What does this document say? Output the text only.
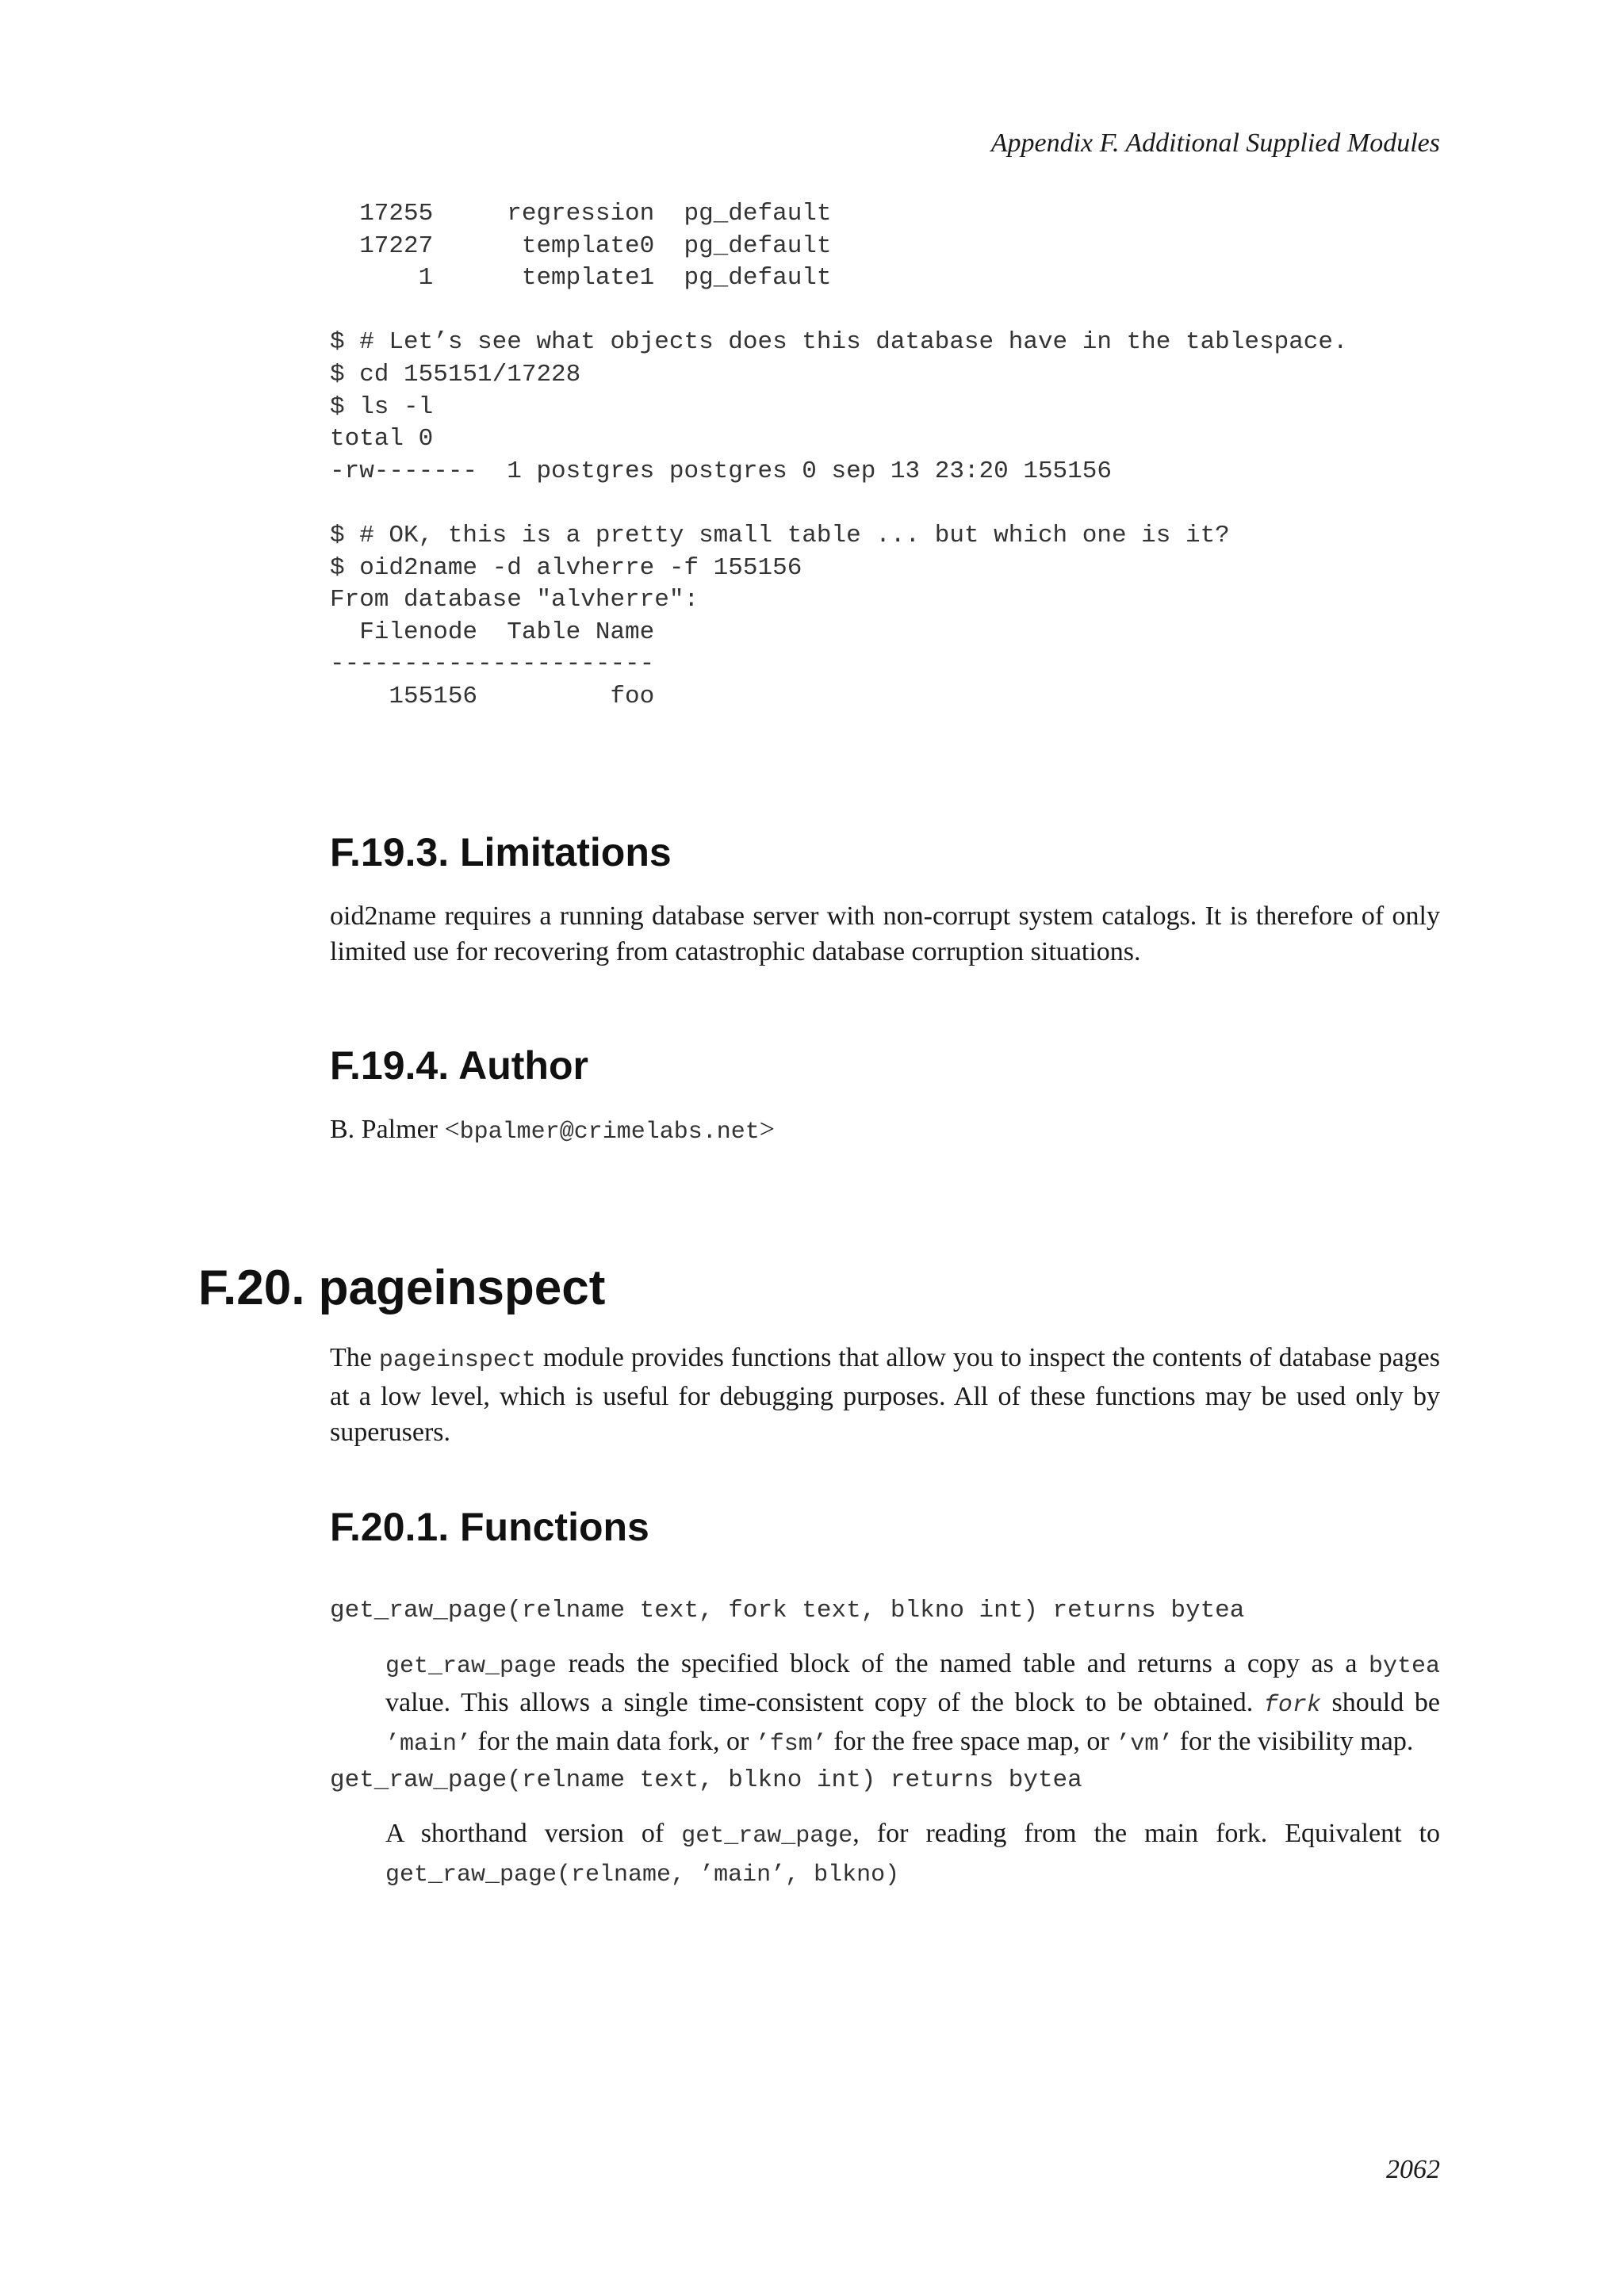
Appendix F. Additional Supplied Modules
17255     regression  pg_default
17227      template0  pg_default
1      template1  pg_default

$ # Let’s see what objects does this database have in the tablespace.
$ cd 155151/17228
$ ls -l
total 0
-rw-------  1 postgres postgres 0 sep 13 23:20 155156

$ # OK, this is a pretty small table ... but which one is it?
$ oid2name -d alvherre -f 155156
From database "alvherre":
Filenode  Table Name
----------------------
155156         foo
F.19.3. Limitations

oid2name requires a running database server with non-corrupt system catalogs. It is therefore of only limited use for recovering from catastrophic database corruption situations.

F.19.4. Author

B. Palmer <bpalmer@crimelabs.net>

F.20. pageinspect

The pageinspect module provides functions that allow you to inspect the contents of database pages at a low level, which is useful for debugging purposes. All of these functions may be used only by superusers.

F.20.1. Functions
get_raw_page(relname text, fork text, blkno int) returns bytea

get_raw_page reads the specified block of the named table and returns a copy as a bytea value. This allows a single time-consistent copy of the block to be obtained. fork should be ’main’ for the main data fork, or ’fsm’ for the free space map, or ’vm’ for the visibility map.

get_raw_page(relname text, blkno int) returns bytea

A shorthand version of get_raw_page, for reading from the main fork. Equivalent to get_raw_page(relname, ’main’, blkno)

2062
